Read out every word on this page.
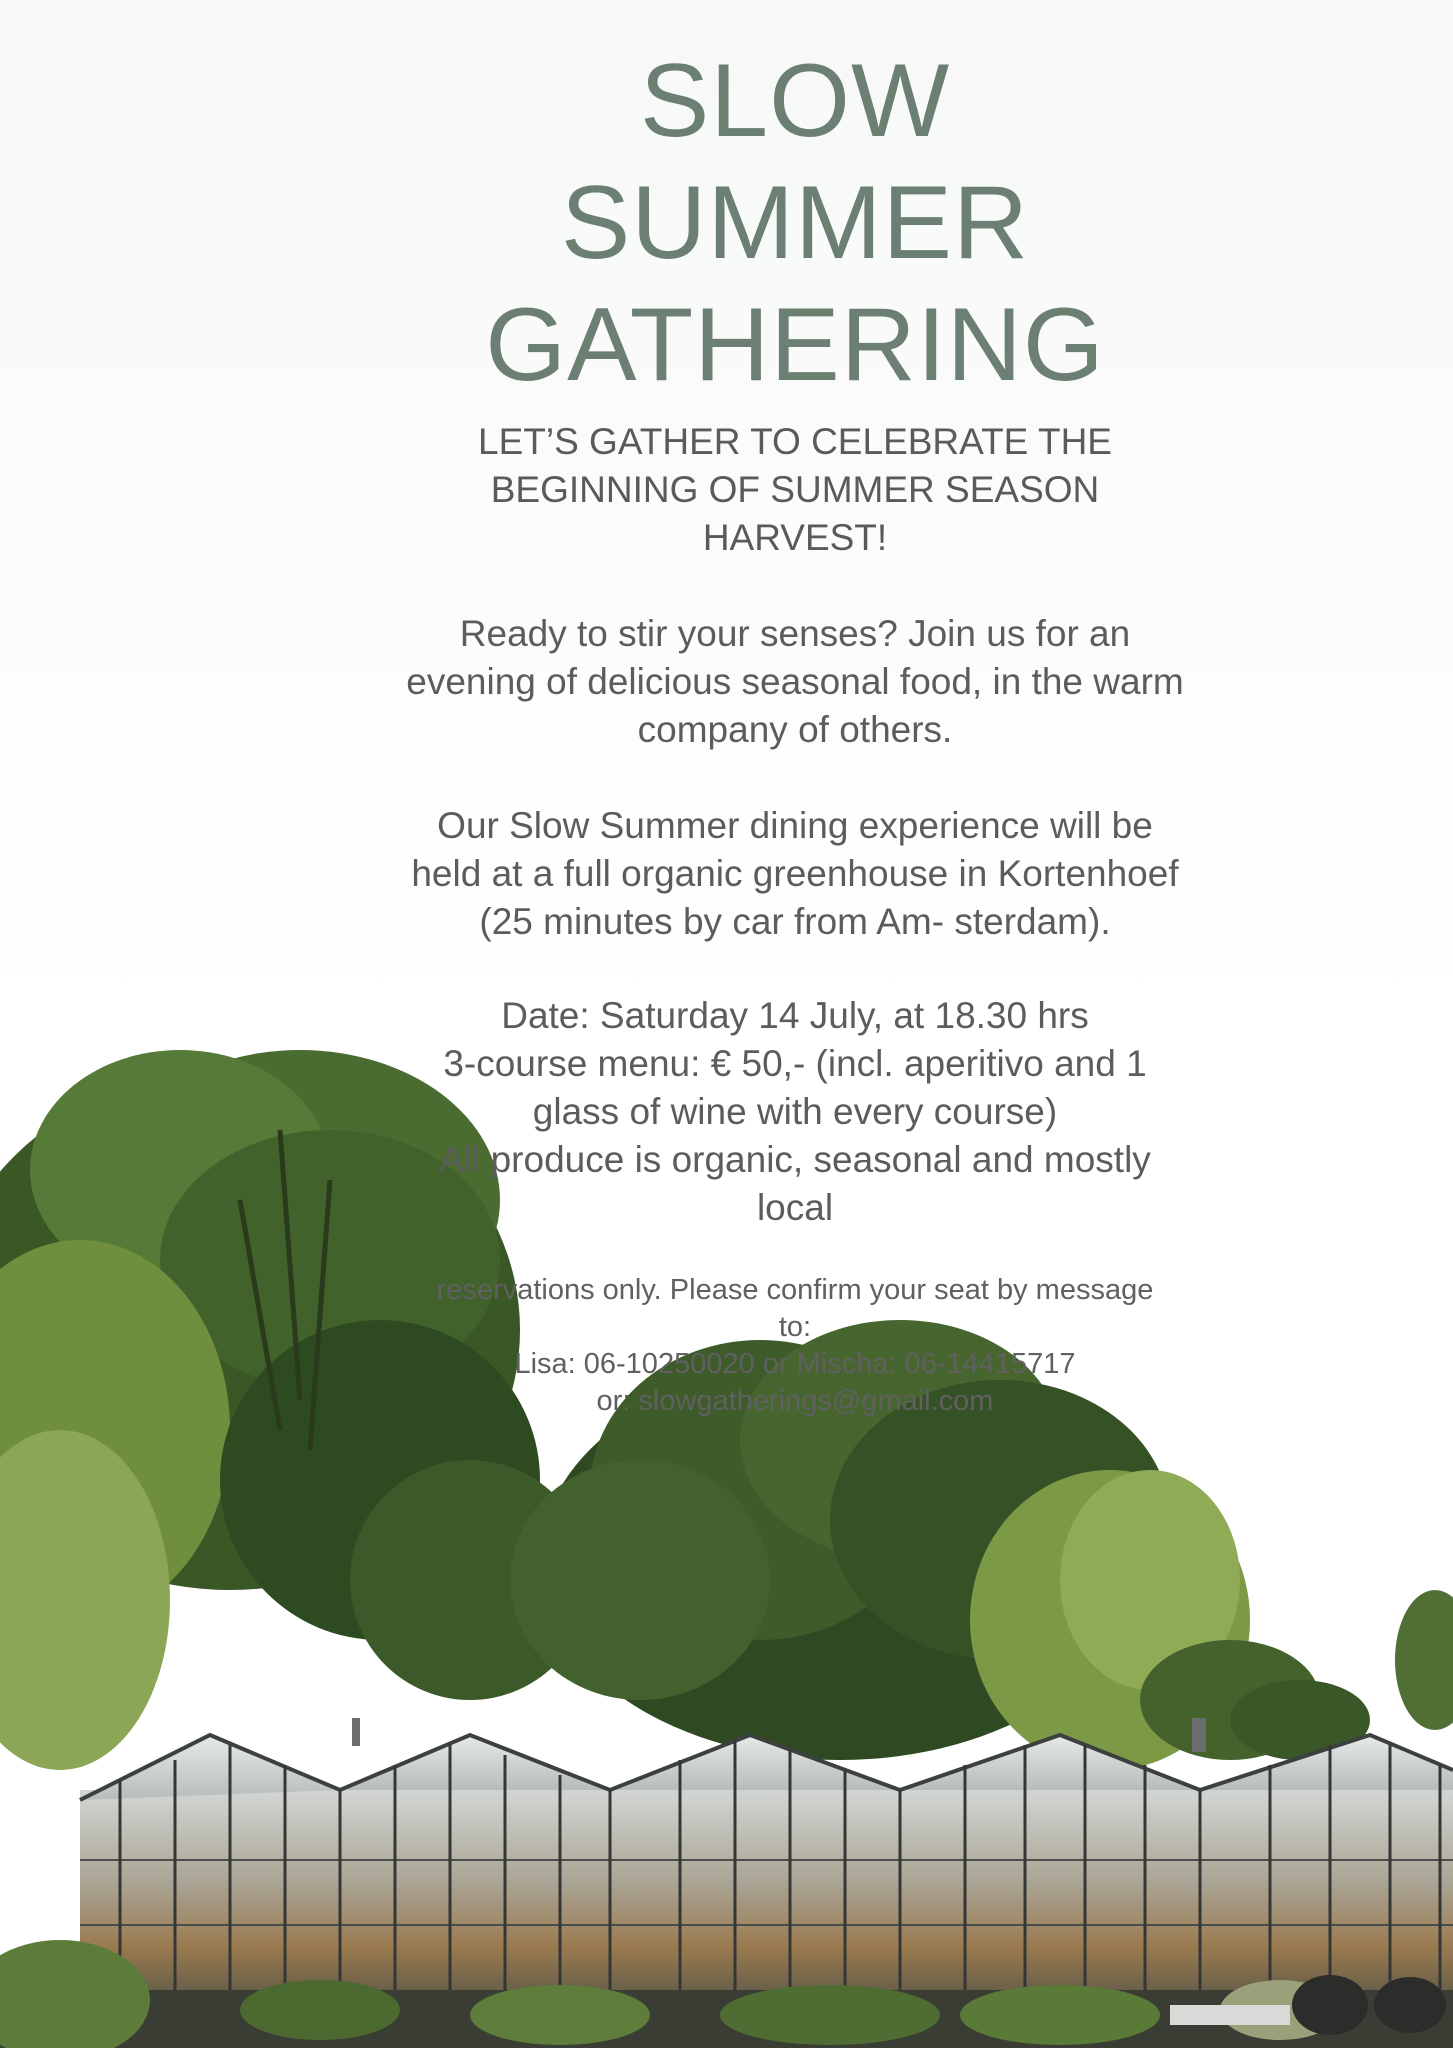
SLOW SUMMER
GATHERING
LET’S GATHER TO CELEBRATE THE BEGINNING OF SUMMER SEASON HARVEST!
Ready to stir your senses? Join us for an evening of delicious seasonal food, in the warm company of others.
Our Slow Summer dining experience will be held at a full organic greenhouse in Kortenhoef (25 minutes by car from Am- sterdam).
Date: Saturday 14 July, at 18.30 hrs
3-course menu: € 50,- (incl. aperitivo and 1 glass of wine with every course)
All produce is organic, seasonal and mostly local
reservations only. Please confirm your seat by message to:
Lisa: 06-10250020 or Mischa: 06-14415717
or: slowgatherings@gmail.com
